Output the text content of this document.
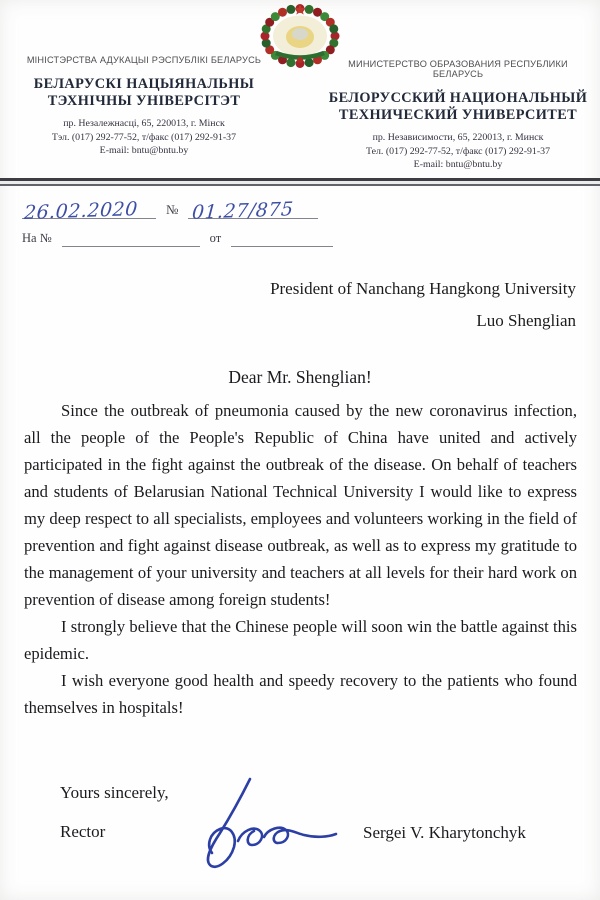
МІНІСТЭРСТВА АДУКАЦЫІ РЭСПУБЛІКІ БЕЛАРУСЬ
БЕЛАРУСКІ НАЦЫЯНАЛЬНЫ
ТЭХНІЧНЫ УНІВЕРСІТЭТ
пр. Незалежнасці, 65, 220013, г. Мінск
Тэл. (017) 292-77-52, т/факс (017) 292-91-37
E-mail: bntu@bntu.by
МИНИСТЕРСТВО ОБРАЗОВАНИЯ РЕСПУБЛИКИ БЕЛАРУСЬ
БЕЛОРУССКИЙ НАЦИОНАЛЬНЫЙ
ТЕХНИЧЕСКИЙ УНИВЕРСИТЕТ
пр. Независимости, 65, 220013, г. Минск
Тел. (017) 292-77-52, т/факс (017) 292-91-37
E-mail: bntu@bntu.by
26.02.2020	№ 01.27/875
На №	от
President of Nanchang Hangkong University
Luo Shenglian
Dear Mr. Shenglian!

Since the outbreak of pneumonia caused by the new coronavirus infection, all the people of the People's Republic of China have united and actively participated in the fight against the outbreak of the disease. On behalf of teachers and students of Belarusian National Technical University I would like to express my deep respect to all specialists, employees and volunteers working in the field of prevention and fight against disease outbreak, as well as to express my gratitude to the management of your university and teachers at all levels for their hard work on prevention of disease among foreign students!

I strongly believe that the Chinese people will soon win the battle against this epidemic.

I wish everyone good health and speedy recovery to the patients who found themselves in hospitals!

Yours sincerely,
Rector	Sergei V. Kharytonchyk
